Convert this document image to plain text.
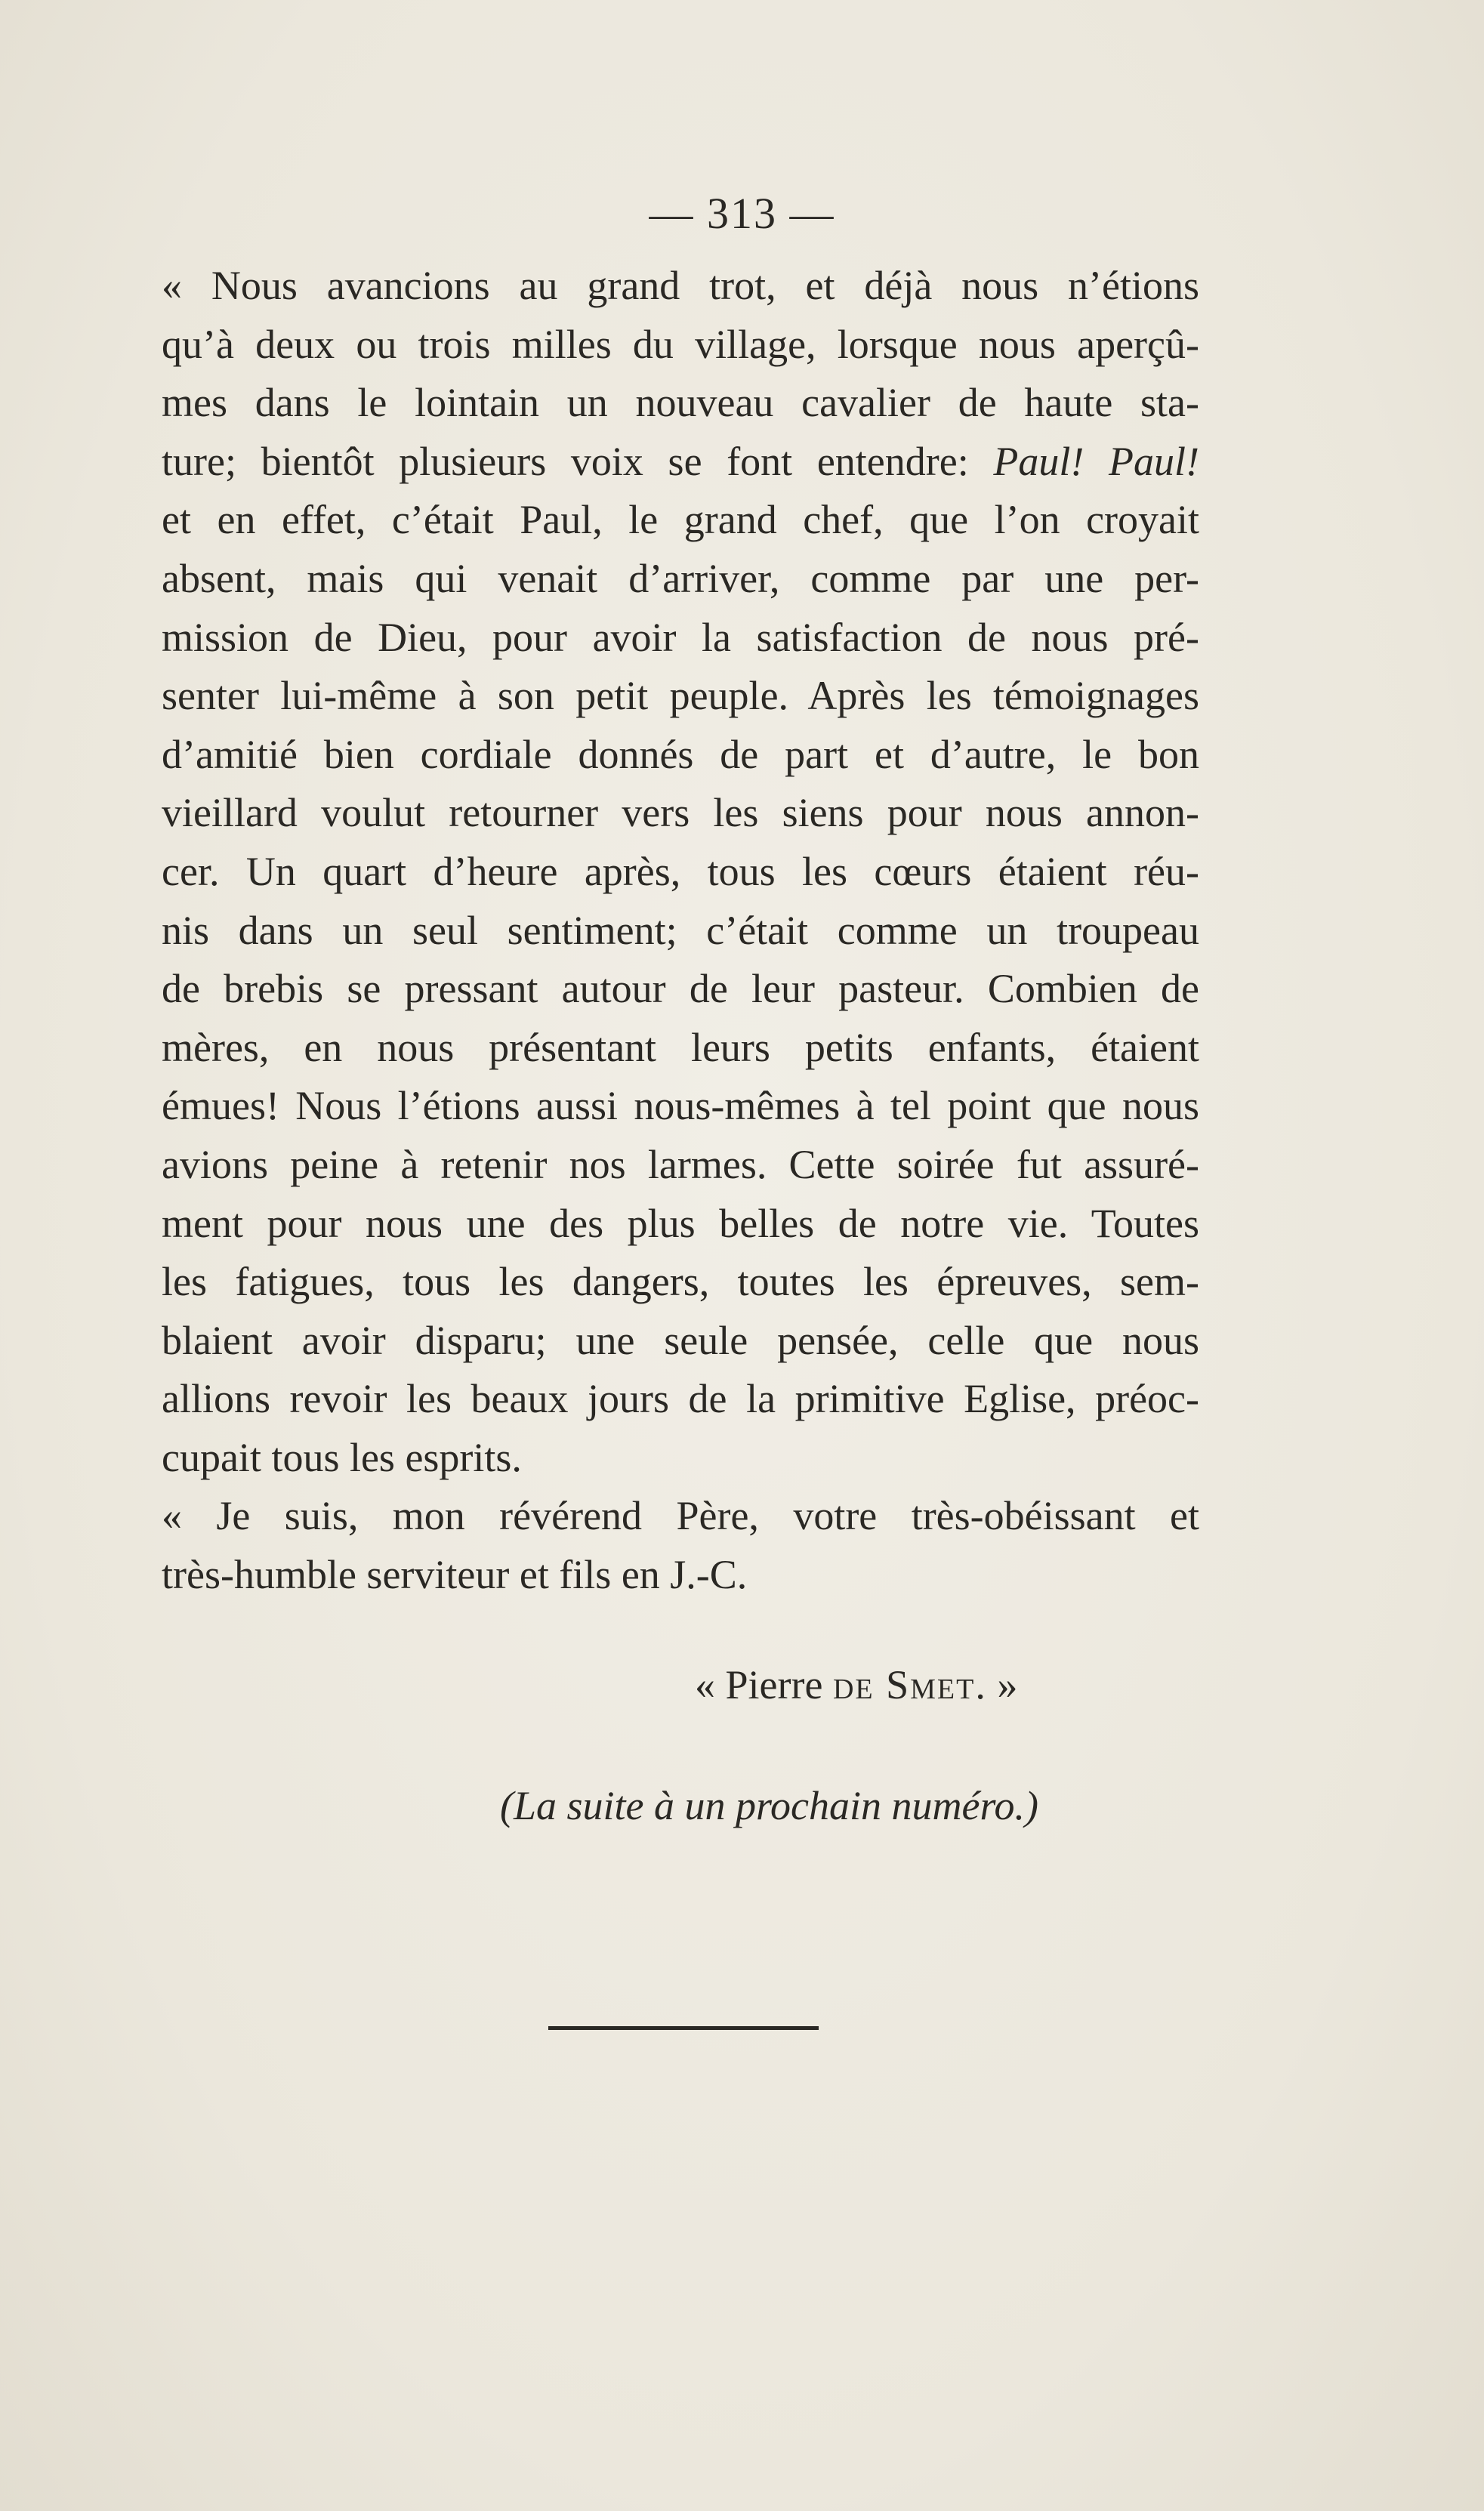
— 313 —
« Nous avancions au grand trot, et déjà nous n’étions
qu’à deux ou trois milles du village, lorsque nous aperçû-
mes dans le lointain un nouveau cavalier de haute sta-
ture; bientôt plusieurs voix se font entendre: Paul! Paul!
et en effet, c’était Paul, le grand chef, que l’on croyait
absent, mais qui venait d’arriver, comme par une per-
mission de Dieu, pour avoir la satisfaction de nous pré-
senter lui-même à son petit peuple. Après les témoignages
d’amitié bien cordiale donnés de part et d’autre, le bon
vieillard voulut retourner vers les siens pour nous annon-
cer. Un quart d’heure après, tous les cœurs étaient réu-
nis dans un seul sentiment; c’était comme un troupeau
de brebis se pressant autour de leur pasteur. Combien de
mères, en nous présentant leurs petits enfants, étaient
émues! Nous l’étions aussi nous-mêmes à tel point que nous
avions peine à retenir nos larmes. Cette soirée fut assuré-
ment pour nous une des plus belles de notre vie. Toutes
les fatigues, tous les dangers, toutes les épreuves, sem-
blaient avoir disparu; une seule pensée, celle que nous
allions revoir les beaux jours de la primitive Eglise, préoc-
cupait tous les esprits.
« Je suis, mon révérend Père, votre très-obéissant et
très-humble serviteur et fils en J.-C.
« Pierre de Smet. »
(La suite à un prochain numéro.)
